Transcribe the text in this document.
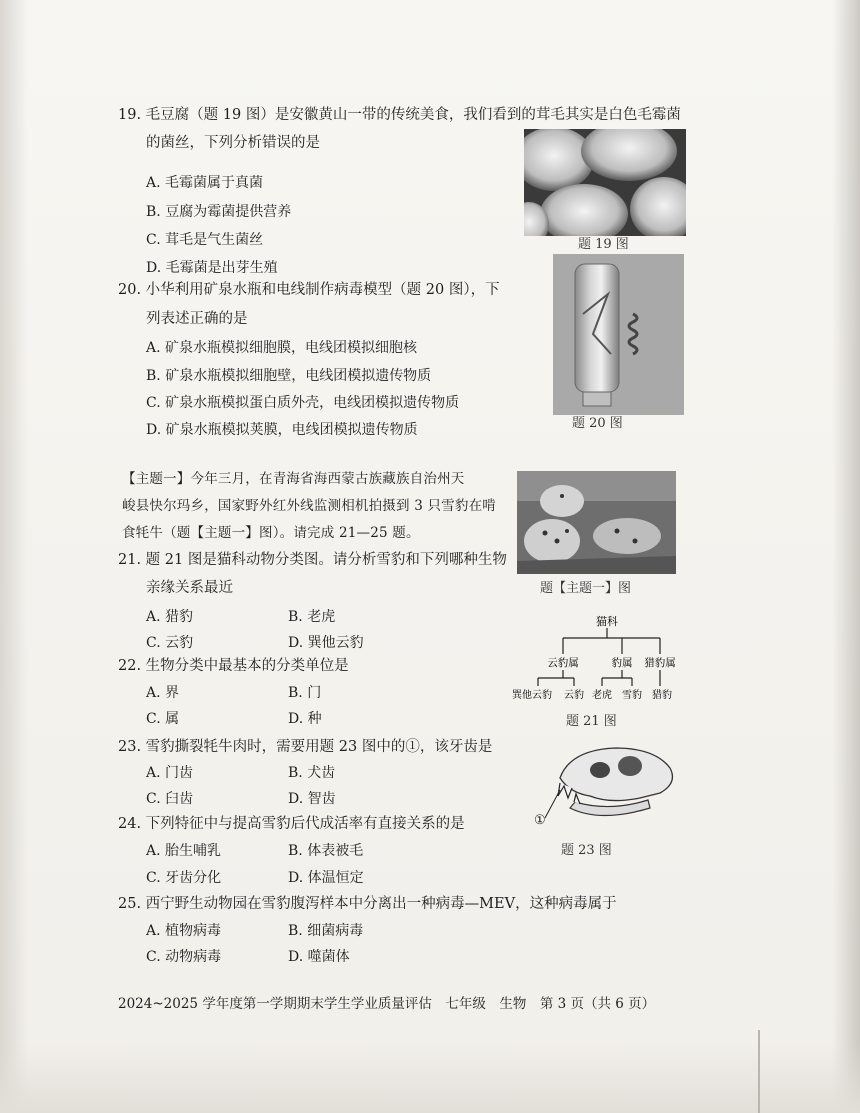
19. 毛豆腐（题 19 图）是安徽黄山一带的传统美食，我们看到的茸毛其实是白色毛霉菌
的菌丝，下列分析错误的是
A. 毛霉菌属于真菌
B. 豆腐为霉菌提供营养
C. 茸毛是气生菌丝
D. 毛霉菌是出芽生殖
题 19 图
20. 小华利用矿泉水瓶和电线制作病毒模型（题 20 图），下
列表述正确的是
A. 矿泉水瓶模拟细胞膜，电线团模拟细胞核
B. 矿泉水瓶模拟细胞壁，电线团模拟遗传物质
C. 矿泉水瓶模拟蛋白质外壳，电线团模拟遗传物质
D. 矿泉水瓶模拟荚膜，电线团模拟遗传物质	题 20 图
【主题一】今年三月，在青海省海西蒙古族藏族自治州天
峻县快尔玛乡，国家野外红外线监测相机拍摄到 3 只雪豹在啃
食牦牛（题【主题一】图）。请完成 21—25 题。
题【主题一】图
21. 题 21 图是猫科动物分类图。请分析雪豹和下列哪种生物
亲缘关系最近
A. 猎豹	B. 老虎
C. 云豹	D. 巽他云豹
猫科
云豹属	豹属 猎豹属
巽他云豹 云豹 老虎 雪豹 猎豹
题 21 图
22. 生物分类中最基本的分类单位是
A. 界	B. 门
C. 属	D. 种
23. 雪豹撕裂牦牛肉时，需要用题 23 图中的①，该牙齿是
A. 门齿	B. 犬齿
C. 臼齿	D. 智齿
①
题 23 图
24. 下列特征中与提高雪豹后代成活率有直接关系的是
A. 胎生哺乳	B. 体表被毛
C. 牙齿分化	D. 体温恒定
25. 西宁野生动物园在雪豹腹泻样本中分离出一种病毒—MEV，这种病毒属于
A. 植物病毒	B. 细菌病毒
C. 动物病毒	D. 噬菌体
2024~2025 学年度第一学期期末学生学业质量评估　七年级　生物　第 3 页（共 6 页）
